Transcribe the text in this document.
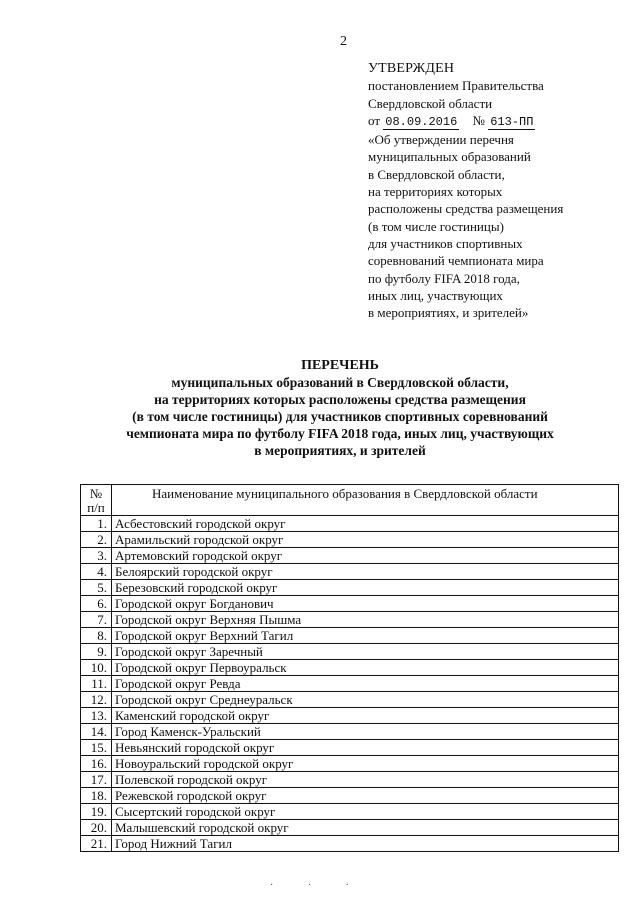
2
УТВЕРЖДЕН
постановлением Правительства
Свердловской области
от 08.09.2016 № 613-ПП
«Об утверждении перечня
муниципальных образований
в Свердловской области,
на территориях которых
расположены средства размещения
(в том числе гостиницы)
для участников спортивных
соревнований чемпионата мира
по футболу FIFA 2018 года,
иных лиц, участвующих
в мероприятиях, и зрителей»
ПЕРЕЧЕНЬ
муниципальных образований в Свердловской области,
на территориях которых расположены средства размещения
(в том числе гостиницы) для участников спортивных соревнований
чемпионата мира по футболу FIFA 2018 года, иных лиц, участвующих
в мероприятиях, и зрителей
№
п/п	Наименование муниципального образования в Свердловской области
1.	Асбестовский городской округ
2.	Арамильский городской округ
3.	Артемовский городской округ
4.	Белоярский городской округ
5.	Березовский городской округ
6.	Городской округ Богданович
7.	Городской округ Верхняя Пышма
8.	Городской округ Верхний Тагил
9.	Городской округ Заречный
10.	Городской округ Первоуральск
11.	Городской округ Ревда
12.	Городской округ Среднеуральск
13.	Каменский городской округ
14.	Город Каменск-Уральский
15.	Невьянский городской округ
16.	Новоуральский городской округ
17.	Полевской городской округ
18.	Режевской городской округ
19.	Сысертский городской округ
20.	Малышевский городской округ
21.	Город Нижний Тагил
· · ·
